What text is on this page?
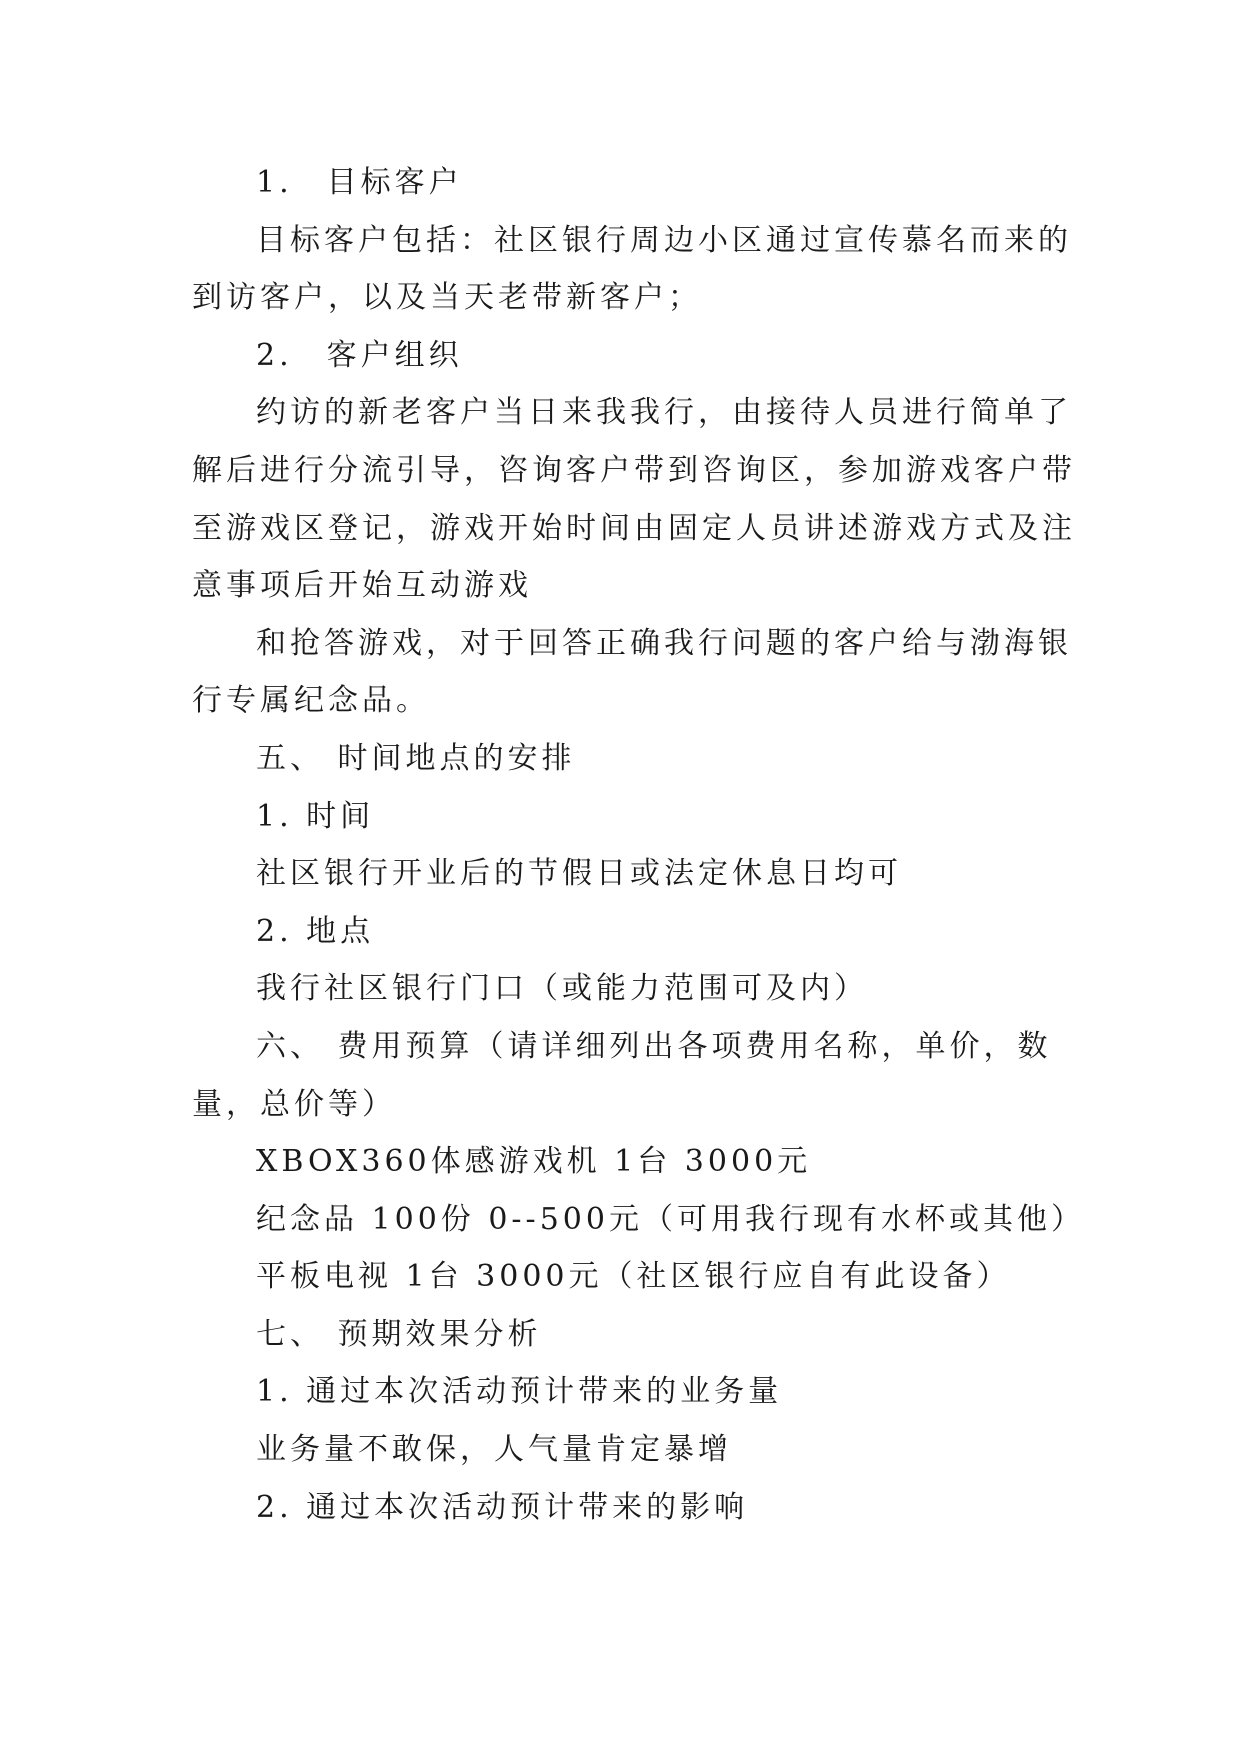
1.　目标客户
目标客户包括：社区银行周边小区通过宣传慕名而来的
到访客户，以及当天老带新客户；
2.　客户组织
约访的新老客户当日来我我行，由接待人员进行简单了
解后进行分流引导，咨询客户带到咨询区，参加游戏客户带
至游戏区登记，游戏开始时间由固定人员讲述游戏方式及注
意事项后开始互动游戏
和抢答游戏，对于回答正确我行问题的客户给与渤海银
行专属纪念品。
五、 时间地点的安排
1. 时间
社区银行开业后的节假日或法定休息日均可
2. 地点
我行社区银行门口（或能力范围可及内）
六、 费用预算（请详细列出各项费用名称，单价，数
量，总价等）
XBOX360体感游戏机 1台 3000元
纪念品 100份 0--500元（可用我行现有水杯或其他）
平板电视 1台 3000元（社区银行应自有此设备）
七、 预期效果分析
1. 通过本次活动预计带来的业务量
业务量不敢保，人气量肯定暴增
2. 通过本次活动预计带来的影响
